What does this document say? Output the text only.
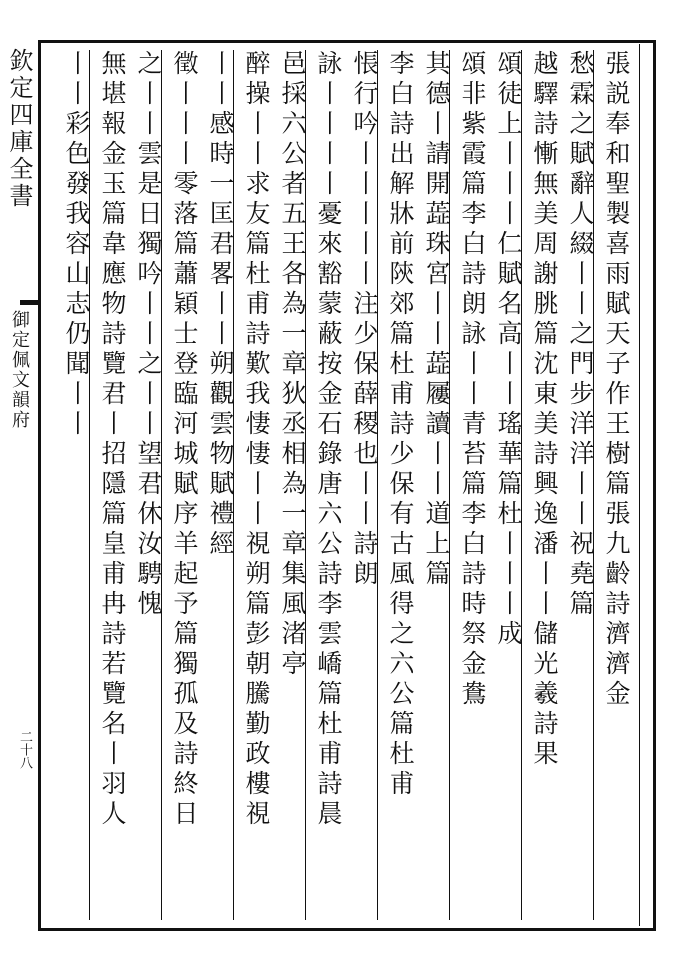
欽定四庫全書
御定佩文韻府
二十八
張説奉和聖製喜雨賦天子作王樹篇張九齡詩濟濟金
愁霖之賦辭人綴丨丨之門步洋洋丨丨祝堯篇
越驛詩慚無美周謝朓篇沈東美詩興逸潘丨丨儲光羲詩果
頌徒上丨丨丨仁賦名高丨丨瑤華篇杜丨丨丨成
頌非紫霞篇李白詩朗詠丨丨青苔篇李白詩時祭金鴦
其德丨請開蕋珠宮丨丨蕋屨讀丨丨道上篇
李白詩出解牀前陝郊篇杜甫詩少保有古風得之六公篇杜甫
悵行吟丨丨丨丨丨注少保薛稷也丨丨詩朗
詠丨丨丨丨憂來豁蒙蔽按金石錄唐六公詩李雲嶠篇杜甫詩晨
邑採六公者五王各為一章狄丞相為一章集風渚亭
醉操丨丨求友篇杜甫詩歎我悽悽丨丨視朔篇彭朝騰勤政樓視
丨丨感時一匡君畧丨丨朔觀雲物賦禮經
徵丨丨丨零落篇蕭穎士登臨河城賦序羊起予篇獨孤及詩終日
之丨丨雲是日獨吟丨丨之丨丨望君休汝騁愧
無堪報金玉篇韋應物詩覽君丨招隱篇皇甫冉詩若覽名丨羽人
丨丨彩色發我容山志仍聞丨丨
